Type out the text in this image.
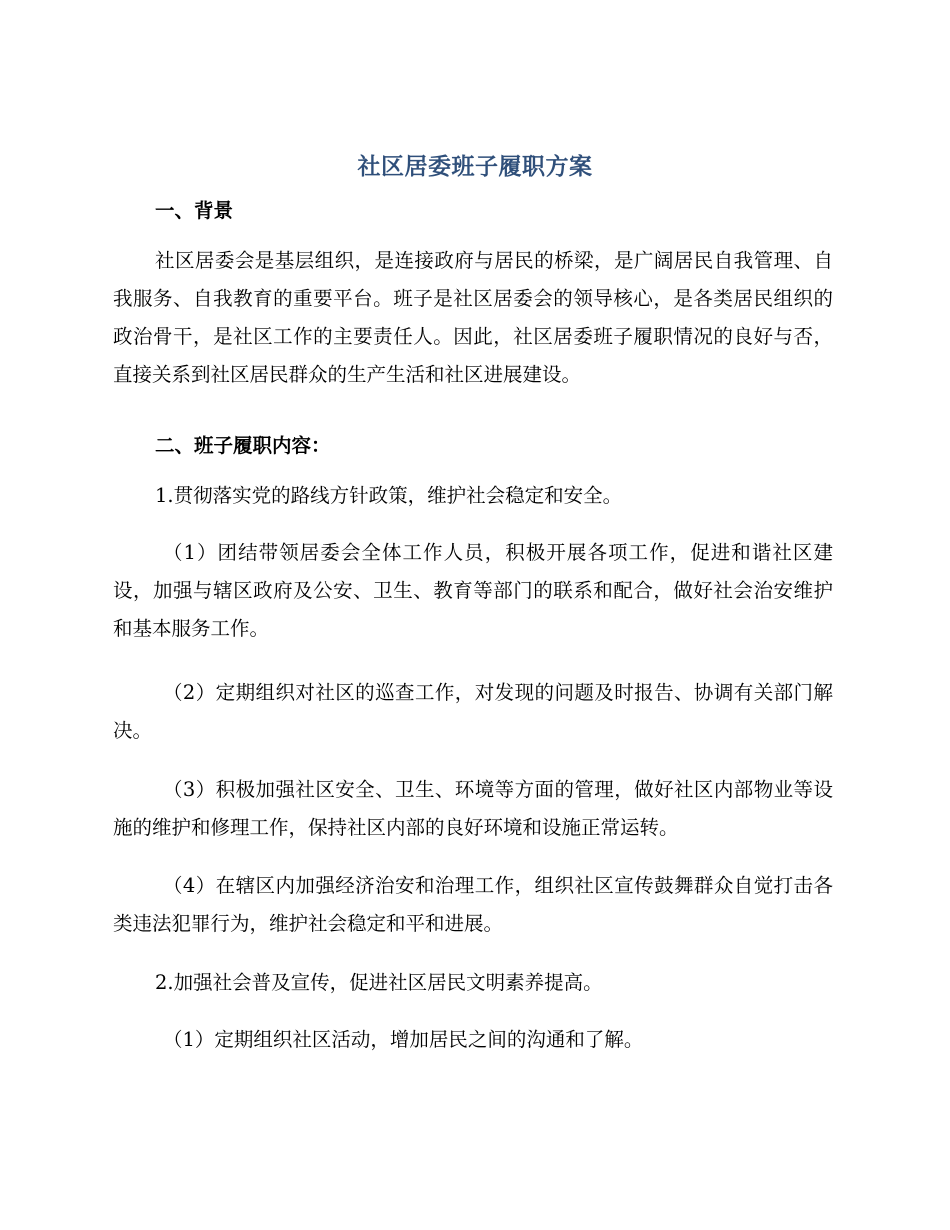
社区居委班子履职方案
一、背景
社区居委会是基层组织，是连接政府与居民的桥梁，是广阔居民自我管理、自我服务、自我教育的重要平台。班子是社区居委会的领导核心，是各类居民组织的政治骨干，是社区工作的主要责任人。因此，社区居委班子履职情况的良好与否，直接关系到社区居民群众的生产生活和社区进展建设。
二、班子履职内容：
1.贯彻落实党的路线方针政策，维护社会稳定和安全。
（1）团结带领居委会全体工作人员，积极开展各项工作，促进和谐社区建设，加强与辖区政府及公安、卫生、教育等部门的联系和配合，做好社会治安维护和基本服务工作。
（2）定期组织对社区的巡查工作，对发现的问题及时报告、协调有关部门解决。
（3）积极加强社区安全、卫生、环境等方面的管理，做好社区内部物业等设施的维护和修理工作，保持社区内部的良好环境和设施正常运转。
（4）在辖区内加强经济治安和治理工作，组织社区宣传鼓舞群众自觉打击各类违法犯罪行为，维护社会稳定和平和进展。
2.加强社会普及宣传，促进社区居民文明素养提高。
（1）定期组织社区活动，增加居民之间的沟通和了解。
